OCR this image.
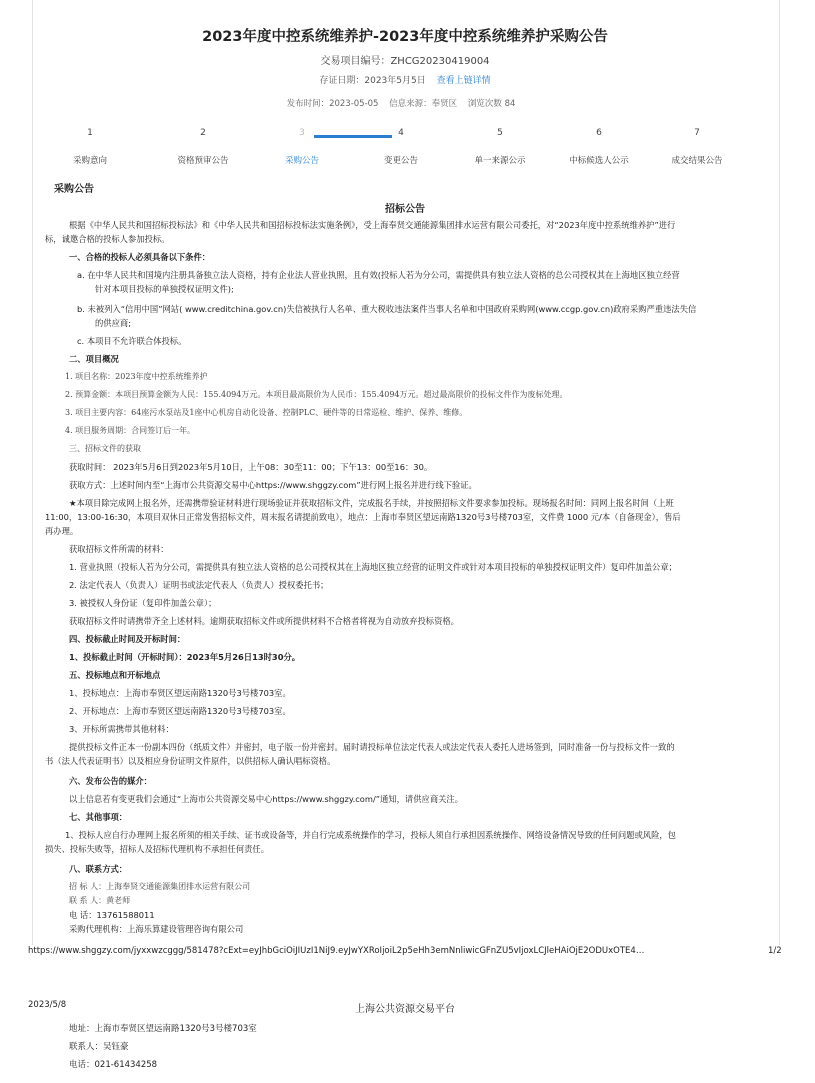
2023年度中控系统维养护-2023年度中控系统维养护采购公告
交易项目编号：ZHCG20230419004
存证日期：2023年5月5日 查看上链详情
发布时间：2023-05-05 信息来源：奉贤区 浏览次数 84
1
采购意向
2
资格预审公告
3
采购公告
4
变更公告
5
单一来源公示
6
中标候选人公示
7
成交结果公告
采购公告
招标公告
根据《中华人民共和国招标投标法》和《中华人民共和国招标投标法实施条例》，受上海奉贤交通能源集团排水运营有限公司委托，对“2023年度中控系统维养护”进行
标，诚邀合格的投标人参加投标。
一、合格的投标人必须具备以下条件：
a. 在中华人民共和国境内注册具备独立法人资格，持有企业法人营业执照，且有效(投标人若为分公司，需提供具有独立法人资格的总公司授权其在上海地区独立经营
针对本项目投标的单独授权证明文件);
b. 未被列入“信用中国”网站( www.creditchina.gov.cn)失信被执行人名单、重大税收违法案件当事人名单和中国政府采购网(www.ccgp.gov.cn)政府采购严重违法失信
的供应商;
c. 本项目不允许联合体投标。
二、项目概况
1. 项目名称：2023年度中控系统维养护
2. 预算金额：本项目预算金额为人民：155.4094万元。本项目最高限价为人民币：155.4094万元。超过最高限价的投标文件作为废标处理。
3. 项目主要内容：64座污水泵站及1座中心机房自动化设备、控制PLC、硬件等的日常巡检、维护、保养、维修。
4. 项目服务周期：合同签订后一年。
三、招标文件的获取
获取时间： 2023年5月6日到2023年5月10日，上午08：30至11：00；下午13：00至16：30。
获取方式：上述时间内至“上海市公共资源交易中心https://www.shggzy.com”进行网上报名并进行线下验证。
★本项目除完成网上报名外，还需携带验证材料进行现场验证并获取招标文件，完成报名手续，并按照招标文件要求参加投标。现场报名时间：同网上报名时间（上班
11:00，13:00-16:30，本项目双休日正常发售招标文件，周末报名请提前致电），地点：上海市奉贤区望远南路1320号3号楼703室，文件费 1000 元/本（自备现金），售后
再办理。
获取招标文件所需的材料：
1. 营业执照（投标人若为分公司，需提供具有独立法人资格的总公司授权其在上海地区独立经营的证明文件或针对本项目投标的单独授权证明文件）复印件加盖公章；
2. 法定代表人（负责人）证明书或法定代表人（负责人）授权委托书；
3. 被授权人身份证（复印件加盖公章）；
获取招标文件时请携带齐全上述材料。逾期获取招标文件或所提供材料不合格者将视为自动放弃投标资格。
四、投标截止时间及开标时间：
1、投标截止时间（开标时间）：2023年5月26日13时30分。
五、投标地点和开标地点
1、投标地点：上海市奉贤区望远南路1320号3号楼703室。
2、开标地点：上海市奉贤区望远南路1320号3号楼703室。
3、开标所需携带其他材料：
提供投标文件正本一份副本四份（纸质文件）并密封，电子版一份并密封。届时请投标单位法定代表人或法定代表人委托人进场签到，同时准备一份与投标文件一致的
书（法人代表证明书）以及相应身份证明文件原件，以供招标人确认唱标资格。
六、发布公告的媒介：
以上信息若有变更我们会通过“上海市公共资源交易中心https://www.shggzy.com/”通知，请供应商关注。
七、其他事项：
1、投标人应自行办理网上报名所须的相关手续、证书或设备等，并自行完成系统操作的学习，投标人须自行承担因系统操作、网络设备情况导致的任何问题或风险，包
损失、投标失败等，招标人及招标代理机构不承担任何责任。
八、联系方式：
招 标 人：上海奉贤交通能源集团排水运营有限公司
联 系 人：黄老师
电 话：13761588011
采购代理机构：上海乐算建设管理咨询有限公司
https://www.shggzy.com/jyxxwzcggg/581478?cExt=eyJhbGciOiJIUzI1NiJ9.eyJwYXRoIjoiL2p5eHh3emNnliwicGFnZU5vIjoxLCJleHAiOjE2ODUxOTE4…	1/2
2023/5/8	上海公共资源交易平台
地址：上海市奉贤区望远南路1320号3号楼703室
联系人：吴钰豪
电话：021-61434258
